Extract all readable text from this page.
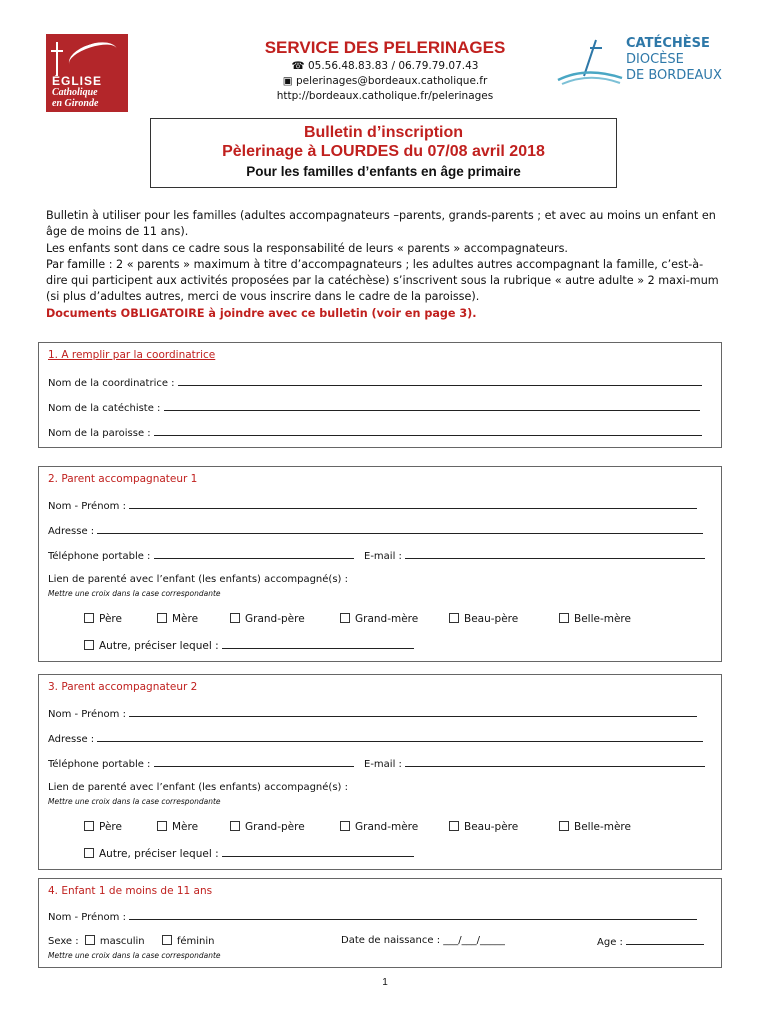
ÉGLISE
Catholique
en Gironde
SERVICE DES PELERINAGES
☎ 05.56.48.83.83 / 06.79.79.07.43
▣ pelerinages@bordeaux.catholique.fr
http://bordeaux.catholique.fr/pelerinages
CATÉCHÈSE
DIOCÈSE
DE BORDEAUX
Bulletin d’inscription
Pèlerinage à LOURDES du 07/08 avril 2018
Pour les familles d’enfants en âge primaire

Bulletin à utiliser pour les familles (adultes accompagnateurs –parents, grands-parents ; et avec au moins un enfant en âge de moins de 11 ans).

Les enfants sont dans ce cadre sous la responsabilité de leurs « parents » accompagnateurs.

Par famille : 2 « parents » maximum à titre d’accompagnateurs ; les adultes autres accompagnant la famille, c’est-à-dire qui participent aux activités proposées par la catéchèse) s’inscrivent sous la rubrique « autre adulte » 2 maxi-mum (si plus d’adultes autres, merci de vous inscrire dans le cadre de la paroisse).

Documents OBLIGATOIRE à joindre avec ce bulletin (voir en page 3).

1. A remplir par la coordinatrice
Nom de la coordinatrice :
Nom de la catéchiste :
Nom de la paroisse :
2. Parent accompagnateur 1
Nom - Prénom :
Adresse :
Téléphone portable :	E-mail :
Lien de parenté avec l’enfant (les enfants) accompagné(s) :
Mettre une croix dans la case correspondante
Père	Mère	Grand-père	Grand-mère	Beau-père	Belle-mère
Autre, préciser lequel :
3. Parent accompagnateur 2
Nom - Prénom :
Adresse :
Téléphone portable :	E-mail :
Lien de parenté avec l’enfant (les enfants) accompagné(s) :
Mettre une croix dans la case correspondante
Père	Mère	Grand-père	Grand-mère	Beau-père	Belle-mère
Autre, préciser lequel :
4. Enfant 1 de moins de 11 ans
Nom - Prénom :
Sexe : masculin	féminin	Date de naissance : ___/___/_____	Age :
Mettre une croix dans la case correspondante
1
